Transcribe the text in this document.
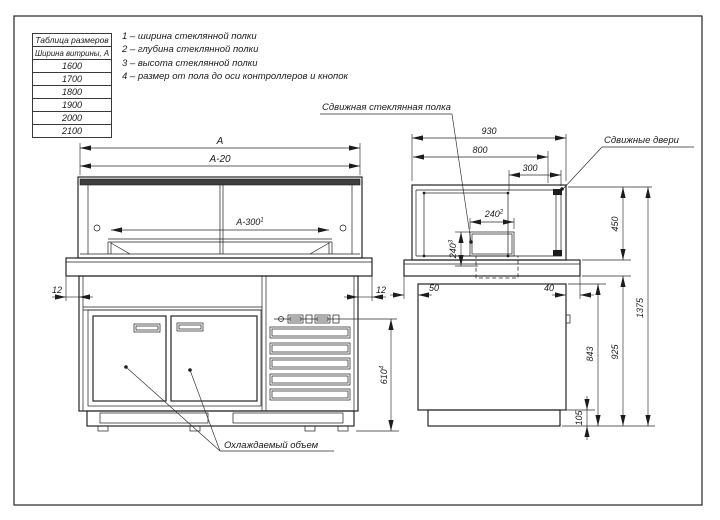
A
A-20
$A-300^1$
12	12
$610^4$
Охлаждаемый объем
Сдвижная стеклянная полка
Сдвижные двери
930
800
300
$240^2$
$240^3$
50	40
450
925
843
105
1375
Таблица размеров
Ширина витрины, А
1600
1700
1800
1900
2000
2100
1 – ширина стеклянной полки
2 – глубина стеклянной полки
3 – высота стеклянной полки
4 – размер от пола до оси контроллеров и кнопок
